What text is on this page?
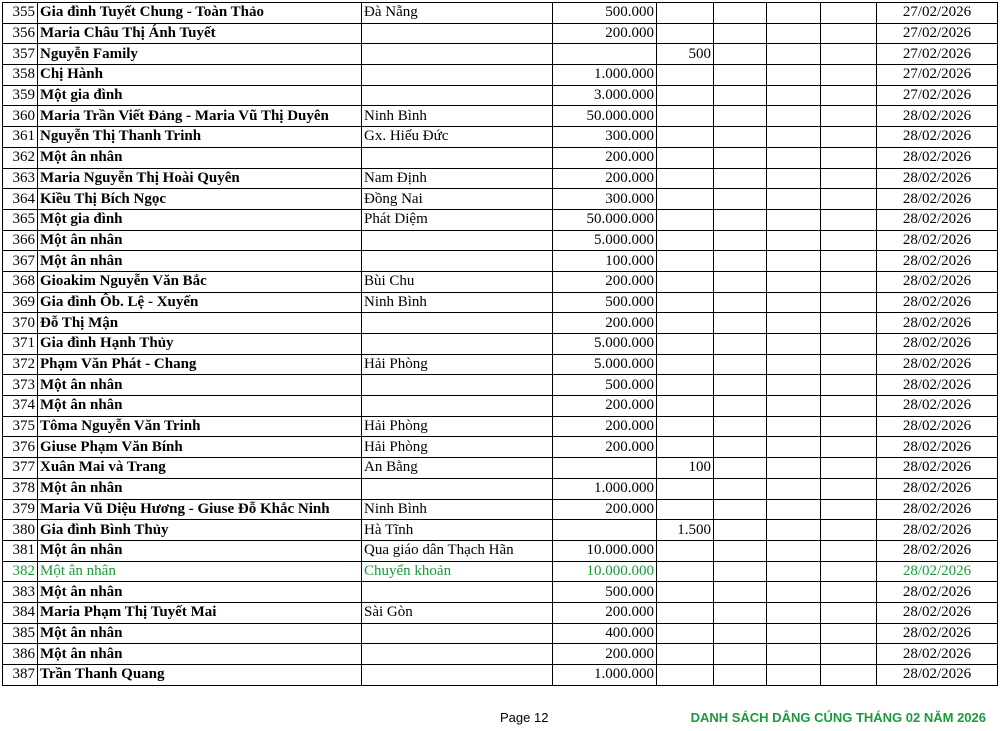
355	Gia đình Tuyết Chung - Toàn Thảo	Đà Nẵng	500.000					27/02/2026
356	Maria Châu Thị Ánh Tuyết		200.000					27/02/2026
357	Nguyễn Family			500				27/02/2026
358	Chị Hành		1.000.000					27/02/2026
359	Một gia đình		3.000.000					27/02/2026
360	Maria Trần Viết Đảng - Maria Vũ Thị Duyên	Ninh Bình	50.000.000					28/02/2026
361	Nguyễn Thị Thanh Trinh	Gx. Hiếu Đức	300.000					28/02/2026
362	Một ân nhân		200.000					28/02/2026
363	Maria Nguyễn Thị Hoài Quyên	Nam Định	200.000					28/02/2026
364	Kiều Thị Bích Ngọc	Đồng Nai	300.000					28/02/2026
365	Một gia đình	Phát Diệm	50.000.000					28/02/2026
366	Một ân nhân		5.000.000					28/02/2026
367	Một ân nhân		100.000					28/02/2026
368	Gioakim Nguyễn Văn Bắc	Bùi Chu	200.000					28/02/2026
369	Gia đình Ôb. Lệ - Xuyến	Ninh Bình	500.000					28/02/2026
370	Đỗ Thị Mận		200.000					28/02/2026
371	Gia đình Hạnh Thủy		5.000.000					28/02/2026
372	Phạm Văn Phát - Chang	Hải Phòng	5.000.000					28/02/2026
373	Một ân nhân		500.000					28/02/2026
374	Một ân nhân		200.000					28/02/2026
375	Tôma Nguyễn Văn Trinh	Hải Phòng	200.000					28/02/2026
376	Giuse Phạm Văn Bính	Hải Phòng	200.000					28/02/2026
377	Xuân Mai và Trang	An Bằng		100				28/02/2026
378	Một ân nhân		1.000.000					28/02/2026
379	Maria Vũ Diệu Hương - Giuse Đỗ Khắc Ninh	Ninh Bình	200.000					28/02/2026
380	Gia đình Bình Thủy	Hà Tĩnh		1.500				28/02/2026
381	Một ân nhân	Qua giáo dân Thạch Hãn	10.000.000					28/02/2026
382	Một ân nhân	Chuyển khoản	10.000.000					28/02/2026
383	Một ân nhân		500.000					28/02/2026
384	Maria Phạm Thị Tuyết Mai	Sài Gòn	200.000					28/02/2026
385	Một ân nhân		400.000					28/02/2026
386	Một ân nhân		200.000					28/02/2026
387	Trần Thanh Quang		1.000.000					28/02/2026
Page 12	DANH SÁCH DÂNG CÚNG THÁNG 02 NĂM 2026
